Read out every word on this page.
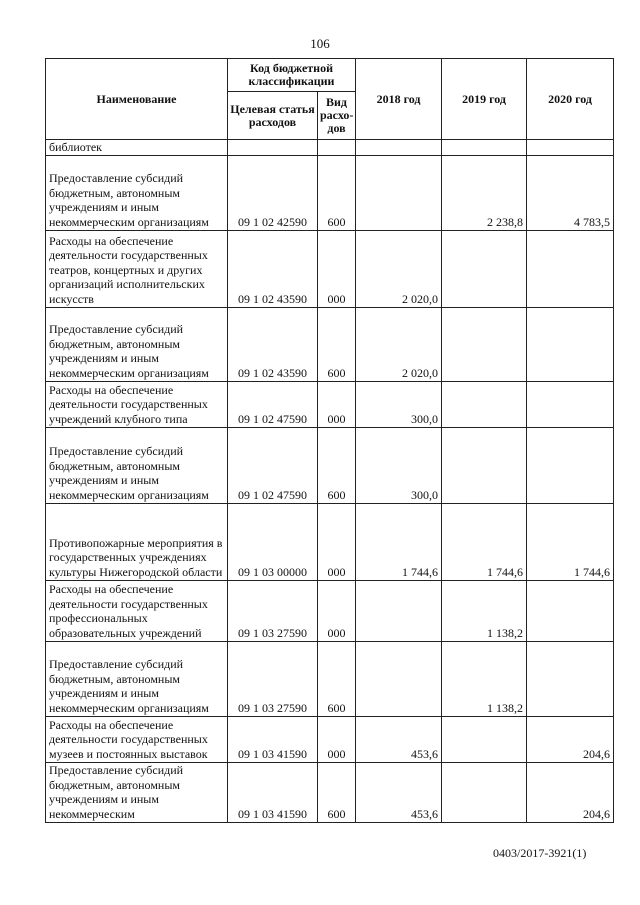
106
Наименование	Код бюджетной классификации		2018 год	2019 год	2020 год
	Целевая статья расходов	Вид расхо-дов			
библиотек					
Предоставление субсидий бюджетным, автономным учреждениям и иным некоммерческим организациям	09 1 02 42590	600		2 238,8	4 783,5
Расходы на обеспечение деятельности государственных театров, концертных и других организаций исполнительских искусств	09 1 02 43590	000	2 020,0		
Предоставление субсидий бюджетным, автономным учреждениям и иным некоммерческим организациям	09 1 02 43590	600	2 020,0		
Расходы на обеспечение деятельности государственных учреждений клубного типа	09 1 02 47590	000	300,0		
Предоставление субсидий бюджетным, автономным учреждениям и иным некоммерческим организациям	09 1 02 47590	600	300,0		
Противопожарные мероприятия в государственных учреждениях культуры Нижегородской области	09 1 03 00000	000	1 744,6	1 744,6	1 744,6
Расходы на обеспечение деятельности государственных профессиональных образовательных учреждений	09 1 03 27590	000		1 138,2	
Предоставление субсидий бюджетным, автономным учреждениям и иным некоммерческим организациям	09 1 03 27590	600		1 138,2	
Расходы на обеспечение деятельности государственных музеев и постоянных выставок	09 1 03 41590	000	453,6		204,6
Предоставление субсидий бюджетным, автономным учреждениям и иным некоммерческим	09 1 03 41590	600	453,6		204,6
0403/2017-3921(1)
